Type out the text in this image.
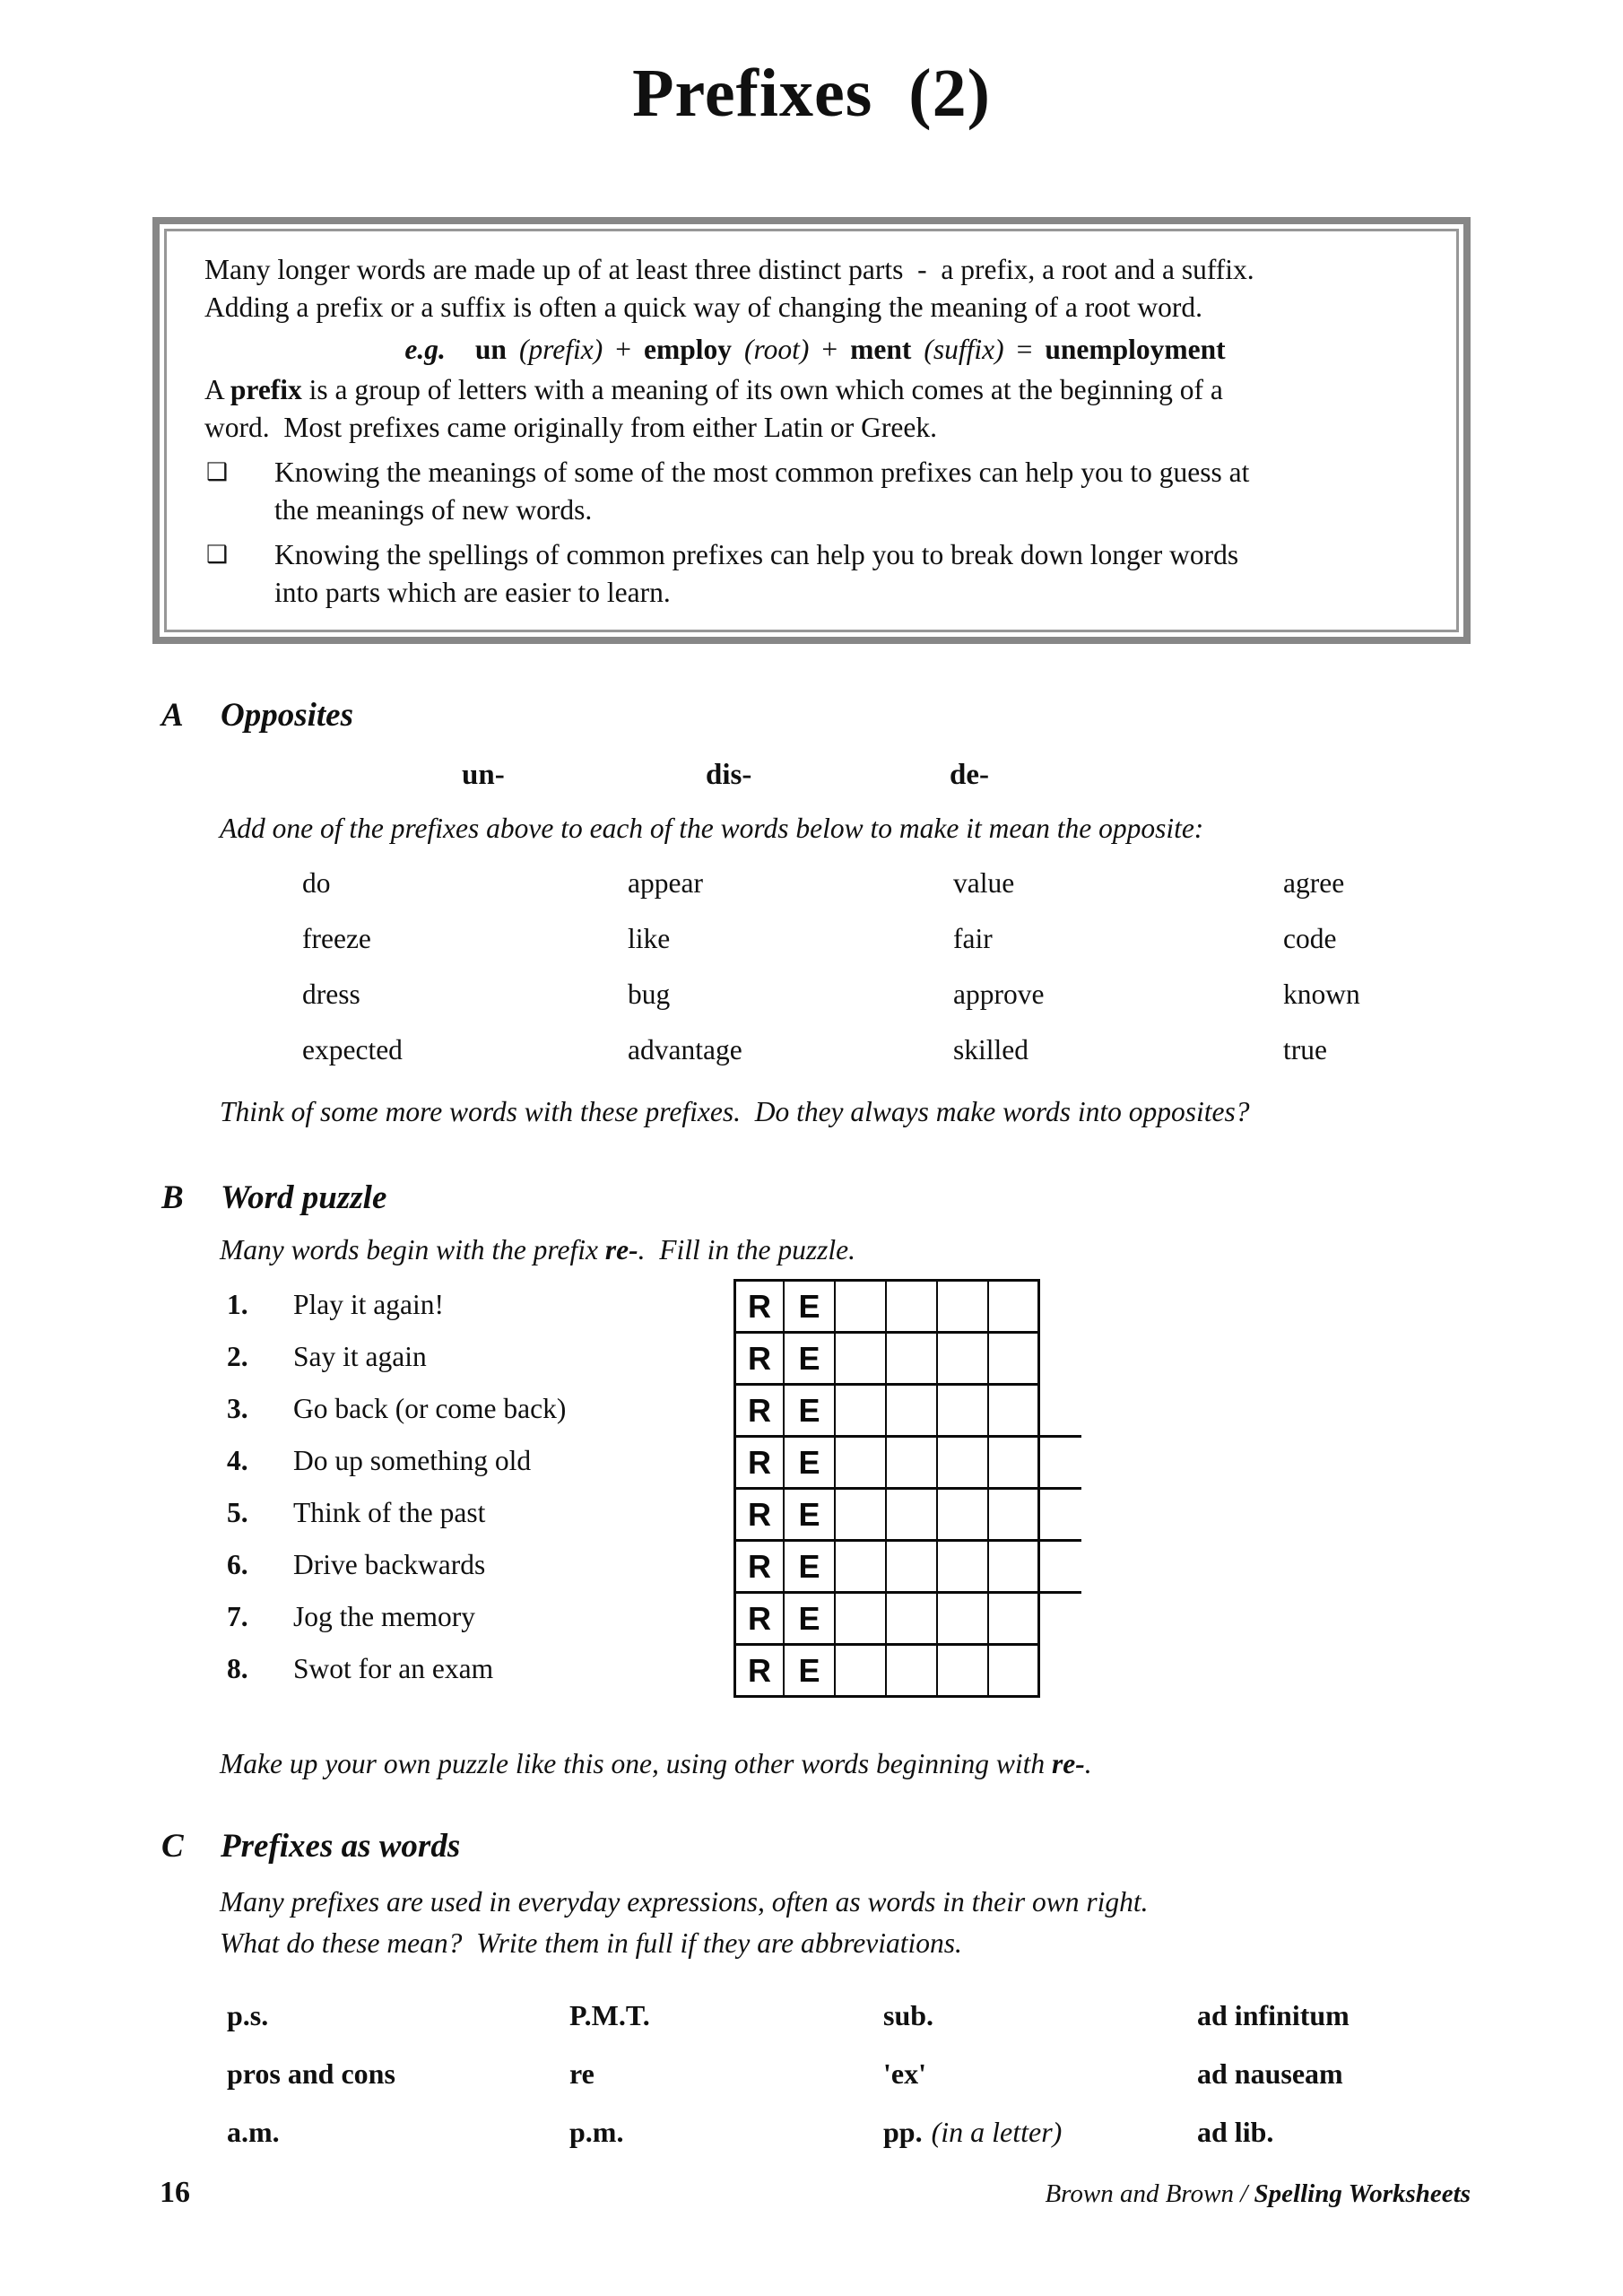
Prefixes  (2)

Many longer words are made up of at least three distinct parts  -  a prefix, a root and a suffix.

Adding a prefix or a suffix is often a quick way of changing the meaning of a root word.

e.g. un (prefix) + employ (root) + ment (suffix) = unemployment

A prefix is a group of letters with a meaning of its own which comes at the beginning of a

word.  Most prefixes came originally from either Latin or Greek.

❑	Knowing the meanings of some of the most common prefixes can help you to guess at
the meanings of new words.
❑	Knowing the spellings of common prefixes can help you to break down longer words
into parts which are easier to learn.
A	Opposites
un-	dis-	de-

Add one of the prefixes above to each of the words below to make it mean the opposite:

do	appear	value	agree
freeze	like	fair	code
dress	bug	approve	known
expected	advantage	skilled	true

Think of some more words with these prefixes.  Do they always make words into opposites?

B	Word puzzle

Many words begin with the prefix re-.  Fill in the puzzle.

1.	Play it again!
2.	Say it again
3.	Go back (or come back)
4.	Do up something old
5.	Think of the past
6.	Drive backwards
7.	Jog the memory
8.	Swot for an exam
R E
R E
R E
R E
R E
R E
R E
R E

Make up your own puzzle like this one, using other words beginning with re-.

C	Prefixes as words

Many prefixes are used in everyday expressions, often as words in their own right.

What do these mean?  Write them in full if they are abbreviations.

p.s.	P.M.T.	sub.	ad infinitum
pros and cons	re	'ex'	ad nauseam
a.m.	p.m.	pp. (in a letter)	ad lib.
16	Brown and Brown / Spelling Worksheets
